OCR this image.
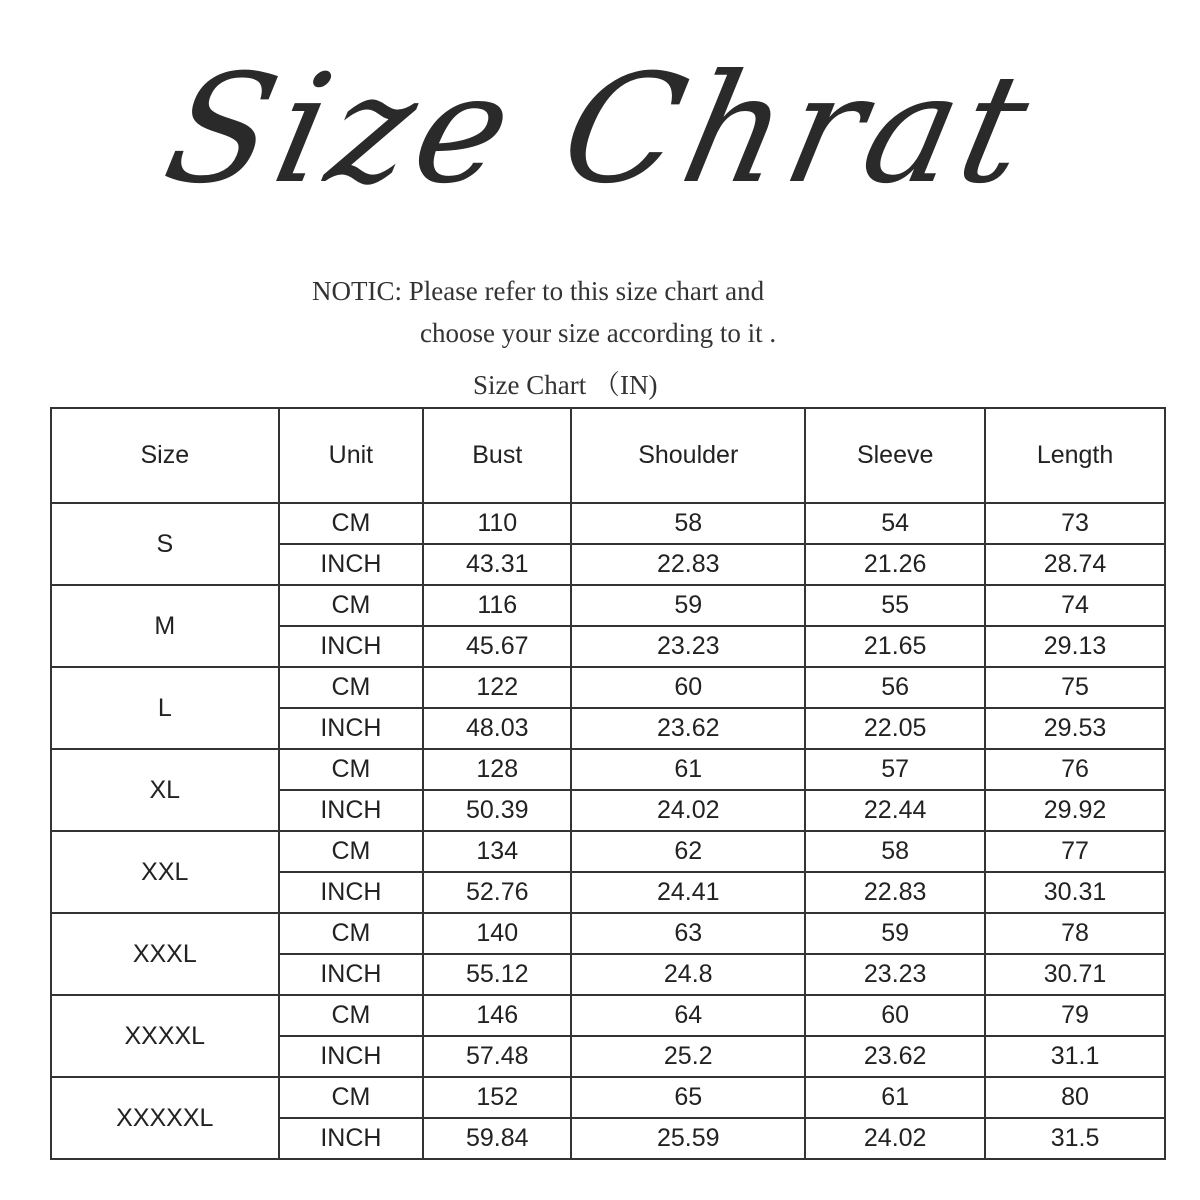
Size Chrat
NOTIC: Please refer to this size chart and
choose your size according to it .
Size Chart （IN)
Size	Unit	Bust	Shoulder	Sleeve	Length
S	CM	110	58	54	73
	INCH	43.31	22.83	21.26	28.74
M	CM	116	59	55	74
	INCH	45.67	23.23	21.65	29.13
L	CM	122	60	56	75
	INCH	48.03	23.62	22.05	29.53
XL	CM	128	61	57	76
	INCH	50.39	24.02	22.44	29.92
XXL	CM	134	62	58	77
	INCH	52.76	24.41	22.83	30.31
XXXL	CM	140	63	59	78
	INCH	55.12	24.8	23.23	30.71
XXXXL	CM	146	64	60	79
	INCH	57.48	25.2	23.62	31.1
XXXXXL	CM	152	65	61	80
	INCH	59.84	25.59	24.02	31.5
